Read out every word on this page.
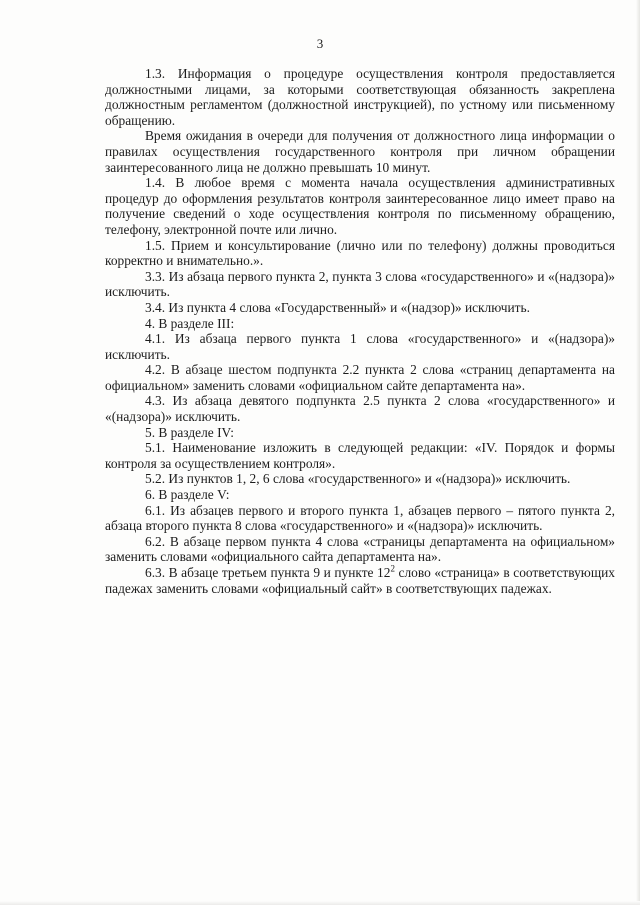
3

1.3. Информация о процедуре осуществления контроля предоставляется должностными лицами, за которыми соответствующая обязанность закреплена должностным регламентом (должностной инструкцией), по устному или письменному обращению.

Время ожидания в очереди для получения от должностного лица информации о правилах осуществления государственного контроля при личном обращении заинтересованного лица не должно превышать 10 минут.

1.4. В любое время с момента начала осуществления административных процедур до оформления результатов контроля заинтересованное лицо имеет право на получение сведений о ходе осуществления контроля по письменному обращению, телефону, электронной почте или лично.

1.5. Прием и консультирование (лично или по телефону) должны проводиться корректно и внимательно.».

3.3. Из абзаца первого пункта 2, пункта 3 слова «государственного» и «(надзора)» исключить.

3.4. Из пункта 4 слова «Государственный» и «(надзор)» исключить.

4. В разделе III:

4.1. Из абзаца первого пункта 1 слова «государственного» и «(надзора)» исключить.

4.2. В абзаце шестом подпункта 2.2 пункта 2 слова «страниц департамента на официальном» заменить словами «официальном сайте департамента на».

4.3. Из абзаца девятого подпункта 2.5 пункта 2 слова «государственного» и «(надзора)» исключить.

5. В разделе IV:

5.1. Наименование изложить в следующей редакции: «IV. Порядок и формы контроля за осуществлением контроля».

5.2. Из пунктов 1, 2, 6 слова «государственного» и «(надзора)» исключить.

6. В разделе V:

6.1. Из абзацев первого и второго пункта 1, абзацев первого – пятого пункта 2, абзаца второго пункта 8 слова «государственного» и «(надзора)» исключить.

6.2. В абзаце первом пункта 4 слова «страницы департамента на официальном» заменить словами «официального сайта департамента на».

6.3. В абзаце третьем пункта 9 и пункте $12^2$ слово «страница» в соответствующих падежах заменить словами «официальный сайт» в соответствующих падежах.
